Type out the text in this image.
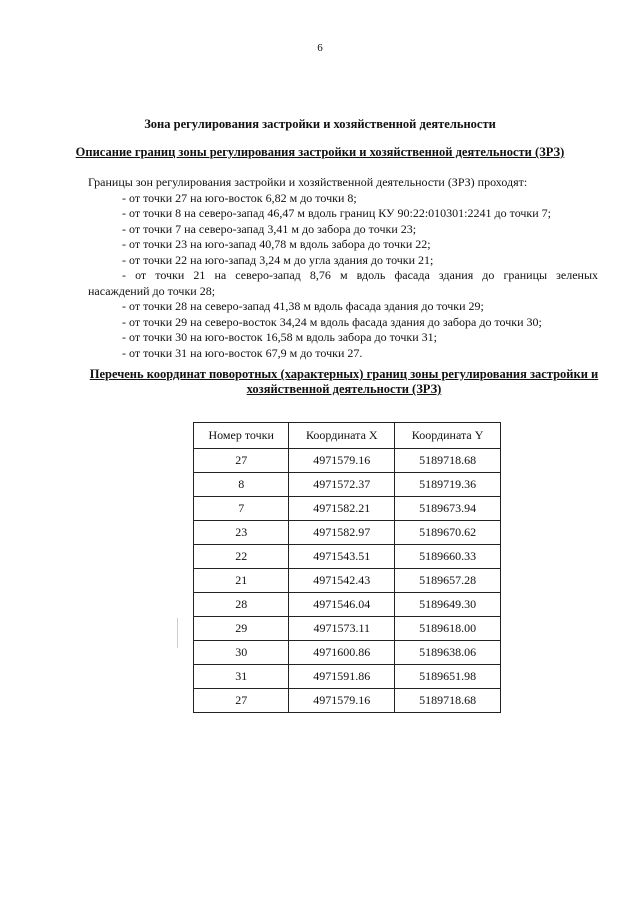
6
Зона регулирования застройки и хозяйственной деятельности
Описание границ зоны регулирования застройки и хозяйственной деятельности (ЗРЗ)

Границы зон регулирования застройки и хозяйственной деятельности (ЗРЗ) проходят:

- от точки 27 на юго-восток 6,82 м до точки 8;

- от точки 8 на северо-запад 46,47 м вдоль границ КУ 90:22:010301:2241 до точки 7;

- от точки 7 на северо-запад 3,41 м до забора до точки 23;

- от точки 23 на юго-запад 40,78 м вдоль забора до точки 22;

- от точки 22 на юго-запад 3,24 м до угла здания до точки 21;

- от точки 21 на северо-запад 8,76 м вдоль фасада здания до границы зеленых

насаждений до точки 28;

- от точки 28 на северо-запад 41,38 м вдоль фасада здания до точки 29;

- от точки 29 на северо-восток 34,24 м вдоль фасада здания до забора до точки 30;

- от точки 30 на юго-восток 16,58 м вдоль забора до точки 31;

- от точки 31 на юго-восток 67,9 м до точки 27.

Перечень координат поворотных (характерных) границ зоны регулирования застройки и хозяйственной деятельности (ЗРЗ)
Номер точки	Координата X	Координата Y
27	4971579.16	5189718.68
8	4971572.37	5189719.36
7	4971582.21	5189673.94
23	4971582.97	5189670.62
22	4971543.51	5189660.33
21	4971542.43	5189657.28
28	4971546.04	5189649.30
29	4971573.11	5189618.00
30	4971600.86	5189638.06
31	4971591.86	5189651.98
27	4971579.16	5189718.68
